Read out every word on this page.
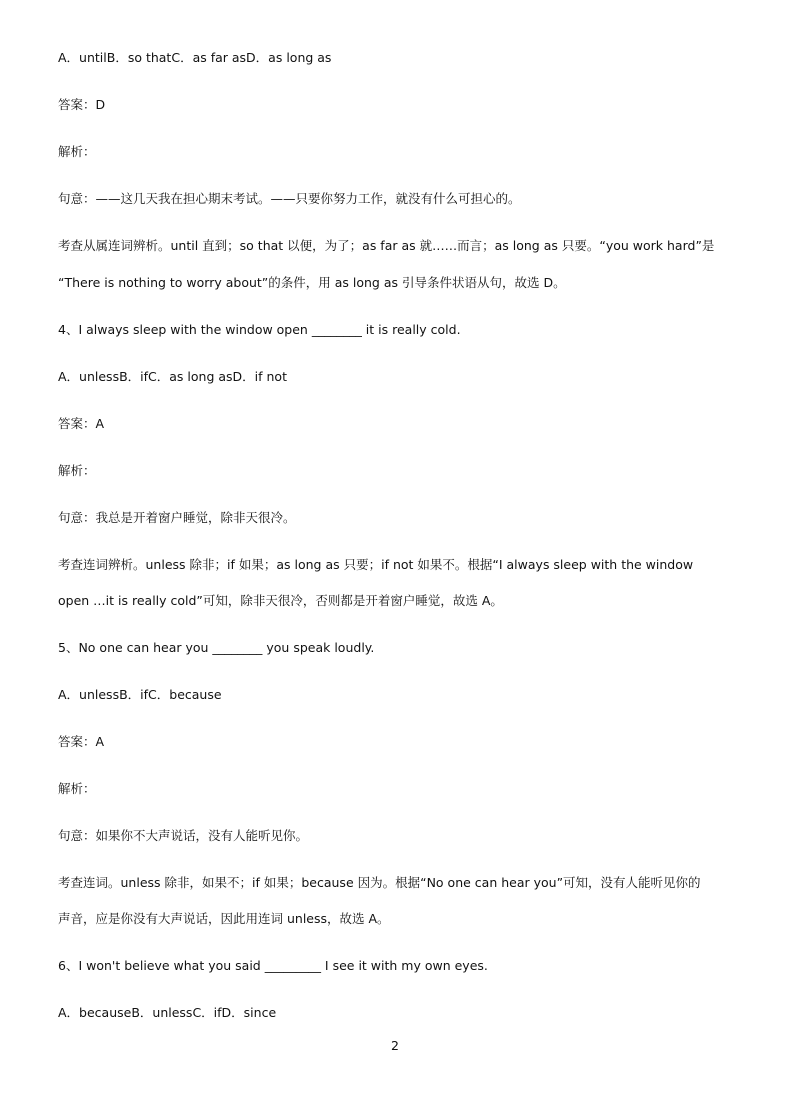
A．untilB．so thatC．as far asD．as long as
答案：D
解析：
句意：——这几天我在担心期末考试。——只要你努力工作，就没有什么可担心的。
考查从属连词辨析。until 直到；so that 以便，为了；as far as 就……而言；as long as 只要。“you work hard”是
“There is nothing to worry about”的条件，用 as long as 引导条件状语从句，故选 D。
4、I always sleep with the window open ________ it is really cold.
A．unlessB．ifC．as long asD．if not
答案：A
解析：
句意：我总是开着窗户睡觉，除非天很冷。
考查连词辨析。unless 除非；if 如果；as long as 只要；if not 如果不。根据“I always sleep with the window
open …it is really cold”可知，除非天很冷，否则都是开着窗户睡觉，故选 A。
5、No one can hear you ________ you speak loudly.
A．unlessB．ifC．because
答案：A
解析：
句意：如果你不大声说话，没有人能听见你。
考查连词。unless 除非，如果不；if 如果；because 因为。根据“No one can hear you”可知，没有人能听见你的
声音，应是你没有大声说话，因此用连词 unless，故选 A。
6、I won't believe what you said _________ I see it with my own eyes.
A．becauseB．unlessC．ifD．since
2
